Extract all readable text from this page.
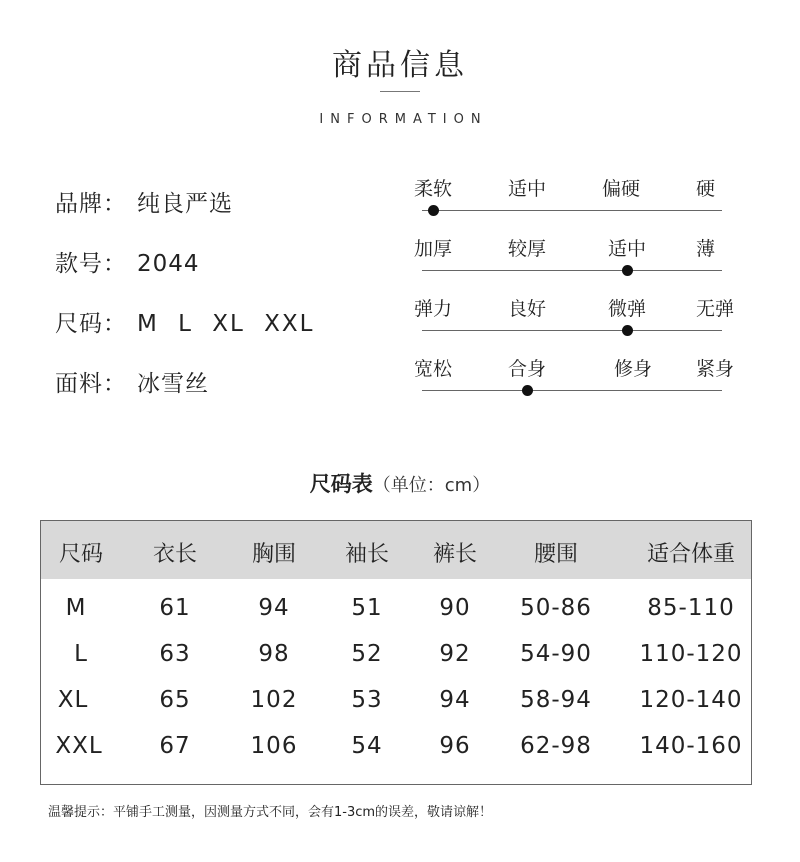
商品信息
INFORMATION
品牌： 纯良严选
款号： 2044
尺码： M L XL XXL
面料： 冰雪丝
柔软	适中	偏硬	硬
加厚	较厚	适中	薄
弹力	良好	微弹	无弹
宽松	合身	修身 紧身
尺码表（单位：cm）
尺码 衣长 胸围 袖长 裤长	腰围	适合体重
M	61	94	51 90 50-86 85-110
L	63	98	52 92 54-90 110-120
XL	65	102 53 94 58-94 120-140
XXL 67	106 54 96 62-98 140-160
温馨提示：平铺手工测量，因测量方式不同，会有1-3cm的误差，敬请谅解！
